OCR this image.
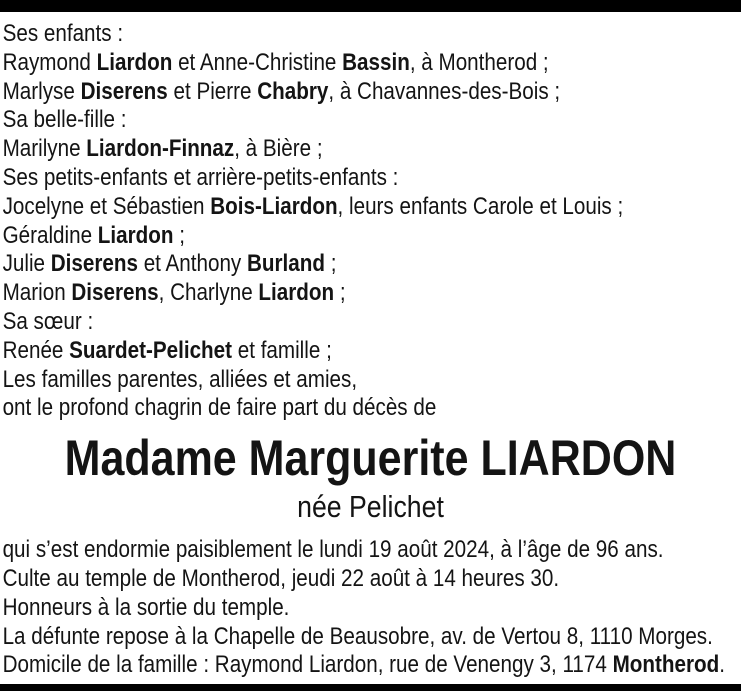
Ses enfants :

Raymond Liardon et Anne-Christine Bassin, à Montherod ;

Marlyse Diserens et Pierre Chabry, à Chavannes-des-Bois ;

Sa belle-fille :

Marilyne Liardon-Finnaz, à Bière ;

Ses petits-enfants et arrière-petits-enfants :

Jocelyne et Sébastien Bois-Liardon, leurs enfants Carole et Louis ;

Géraldine Liardon ;

Julie Diserens et Anthony Burland ;

Marion Diserens, Charlyne Liardon ;

Sa sœur :

Renée Suardet-Pelichet et famille ;

Les familles parentes, alliées et amies,

ont le profond chagrin de faire part du décès de

Madame Marguerite LIARDON
née Pelichet

qui s’est endormie paisiblement le lundi 19 août 2024, à l’âge de 96 ans.

Culte au temple de Montherod, jeudi 22 août à 14 heures 30.

Honneurs à la sortie du temple.

La défunte repose à la Chapelle de Beausobre, av. de Vertou 8, 1110 Morges.

Domicile de la famille : Raymond Liardon, rue de Venengy 3, 1174 Montherod.
